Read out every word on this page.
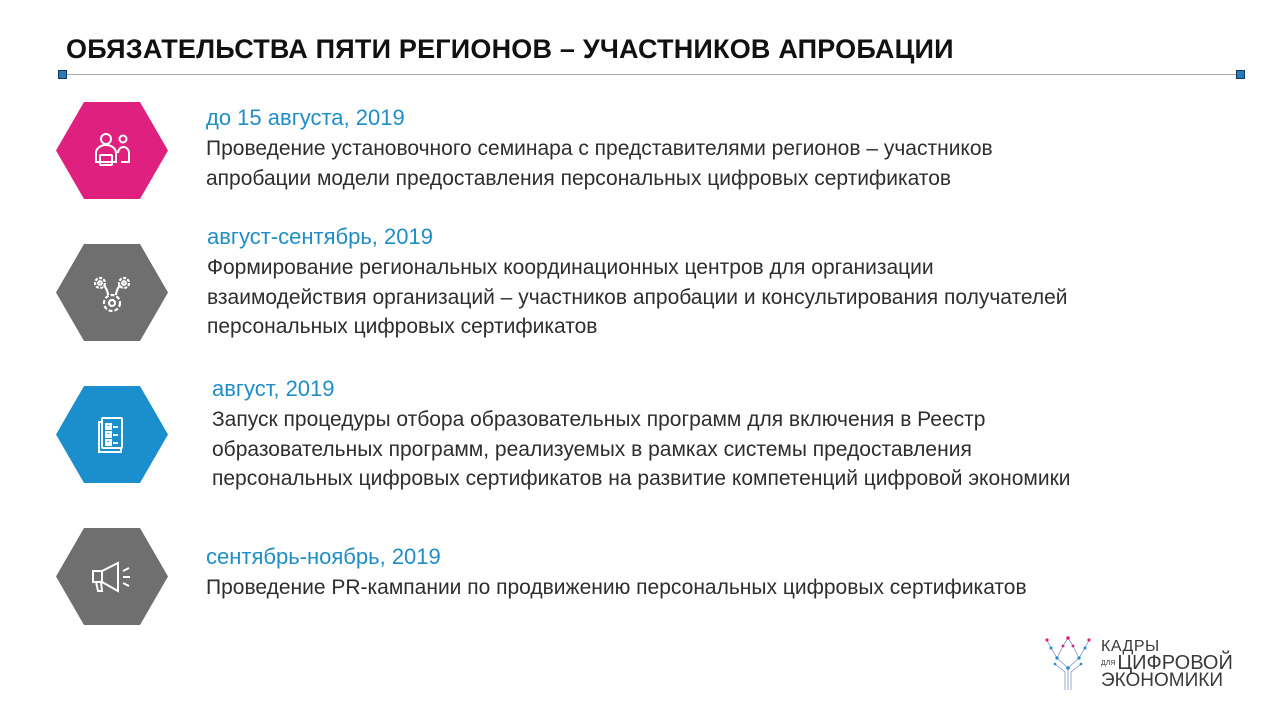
ОБЯЗАТЕЛЬСТВА ПЯТИ РЕГИОНОВ – УЧАСТНИКОВ АПРОБАЦИИ
до 15 августа, 2019
Проведение установочного семинара с представителями регионов – участников
апробации модели предоставления персональных цифровых сертификатов
август-сентябрь, 2019
Формирование региональных координационных центров для организации
взаимодействия организаций – участников апробации и консультирования получателей
персональных цифровых сертификатов
август, 2019
Запуск процедуры отбора образовательных программ для включения в Реестр
образовательных программ, реализуемых в рамках системы предоставления
персональных цифровых сертификатов на развитие компетенций цифровой экономики
сентябрь-ноябрь, 2019
Проведение PR-кампании по продвижению персональных цифровых сертификатов
КАДРЫ
ДЛЯ ЦИФРОВОЙ
ЭКОНОМИКИ
